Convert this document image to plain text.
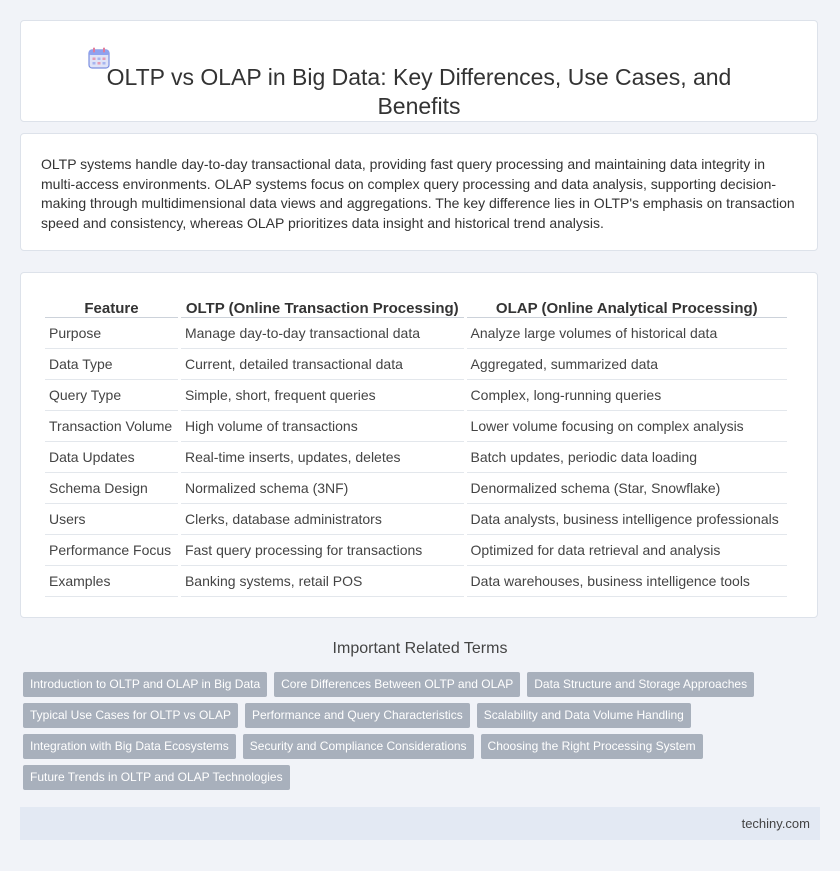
OLTP vs OLAP in Big Data: Key Differences, Use Cases, and
Benefits
OLTP systems handle day-to-day transactional data, providing fast query processing and maintaining data integrity in multi-access environments. OLAP systems focus on complex query processing and data analysis, supporting decision-making through multidimensional data views and aggregations. The key difference lies in OLTP's emphasis on transaction speed and consistency, whereas OLAP prioritizes data insight and historical trend analysis.
Feature	OLTP (Online Transaction Processing)	OLAP (Online Analytical Processing)
Purpose	Manage day-to-day transactional data	Analyze large volumes of historical data
Data Type	Current, detailed transactional data	Aggregated, summarized data
Query Type	Simple, short, frequent queries	Complex, long-running queries
Transaction Volume	High volume of transactions	Lower volume focusing on complex analysis
Data Updates	Real-time inserts, updates, deletes	Batch updates, periodic data loading
Schema Design	Normalized schema (3NF)	Denormalized schema (Star, Snowflake)
Users	Clerks, database administrators	Data analysts, business intelligence professionals
Performance Focus	Fast query processing for transactions	Optimized for data retrieval and analysis
Examples	Banking systems, retail POS	Data warehouses, business intelligence tools
Important Related Terms
Introduction to OLTP and OLAP in Big Data	Core Differences Between OLTP and OLAP	Data Structure and Storage Approaches
Typical Use Cases for OLTP vs OLAP	Performance and Query Characteristics	Scalability and Data Volume Handling
Integration with Big Data Ecosystems	Security and Compliance Considerations	Choosing the Right Processing System
Future Trends in OLTP and OLAP Technologies
techiny.com
